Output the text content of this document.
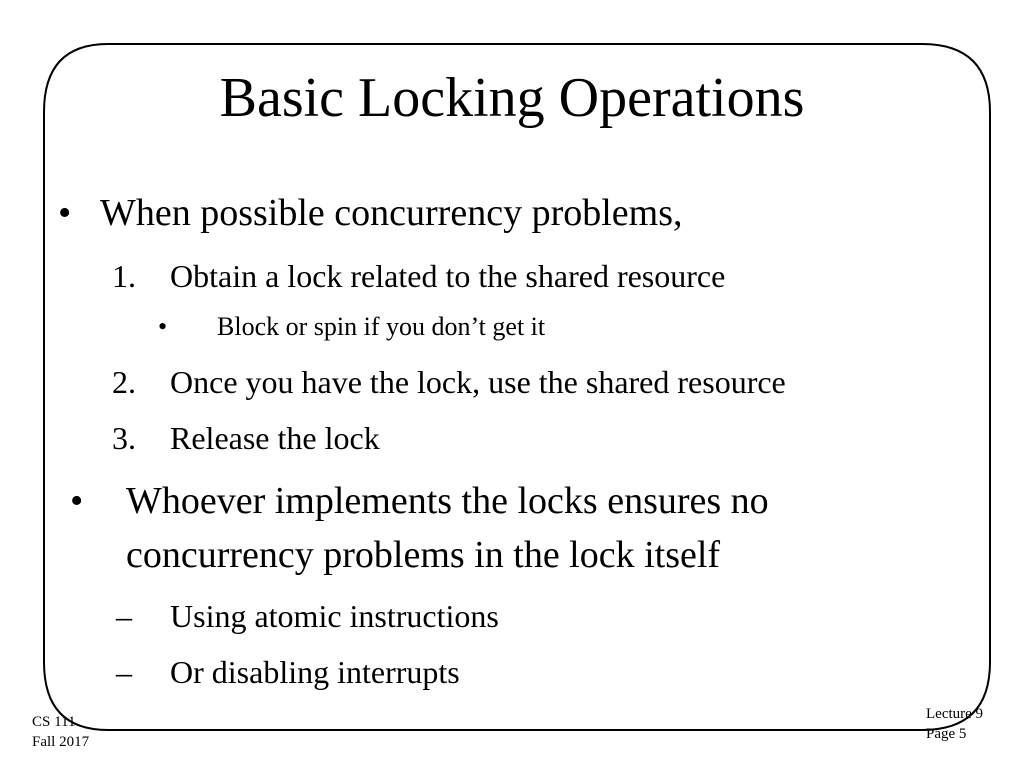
Basic Locking Operations
• When possible concurrency problems,
1. Obtain a lock related to the shared resource
• Block or spin if you don’t get it
2. Once you have the lock, use the shared resource
3. Release the lock
• Whoever implements the locks ensures no
concurrency problems in the lock itself
– Using atomic instructions
– Or disabling interrupts
CS 111
Fall 2017
Lecture 9
Page 5
